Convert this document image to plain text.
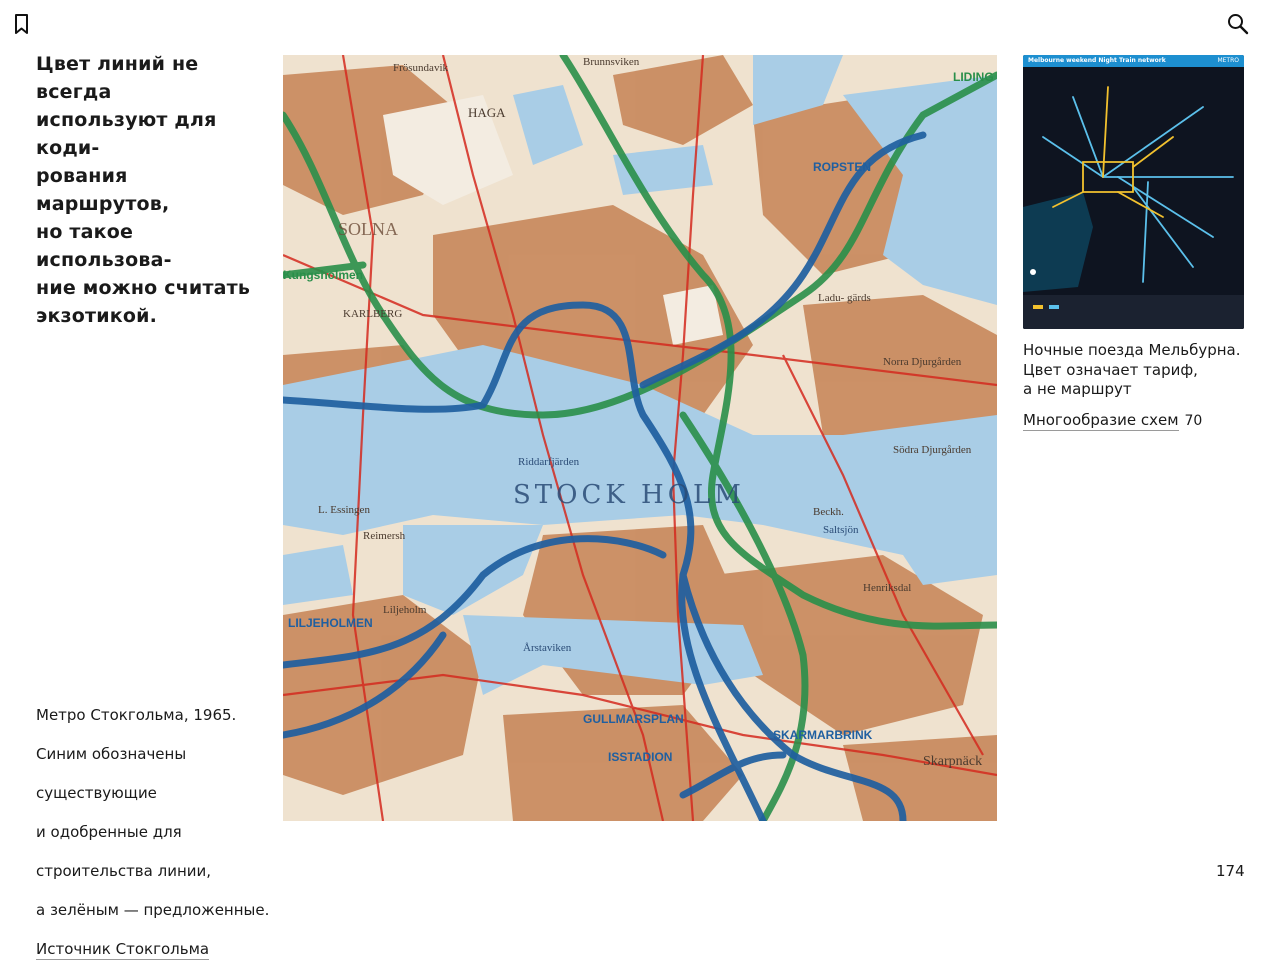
Цвет линий не всегда
используют для коди-
рования маршрутов,
но такое использова-
ние можно считать
экзотикой.

Метро Стокгольма, 1965.

Синим обозначены

существующие

и одобренные для

строительства линии,

а зелёным — предложенные.

Источник Стокгольма

STOCK HOLM
ROPSTEN
LILJEHOLMEN
GULLMARSPLAN
ISSTADION
SKARMARBRINK
LIDING
Kungsholmen
SOLNA
HAGA
KARLBERG
Riddarfjärden
Saltsjön
Skarpnäck
Södra Djurgården
Norra Djurgården
Reimersh
L. Essingen
Årstaviken
Liljeholm
Frösundavik	Brunnsviken
Ladu- gärds
Beckh.
Henriksdal
Melbourne weekend Night Train network	METRO
Ночные поезда Мельбурна.
Цвет означает тариф,
а не маршрут
Многообразие схем 70
174
